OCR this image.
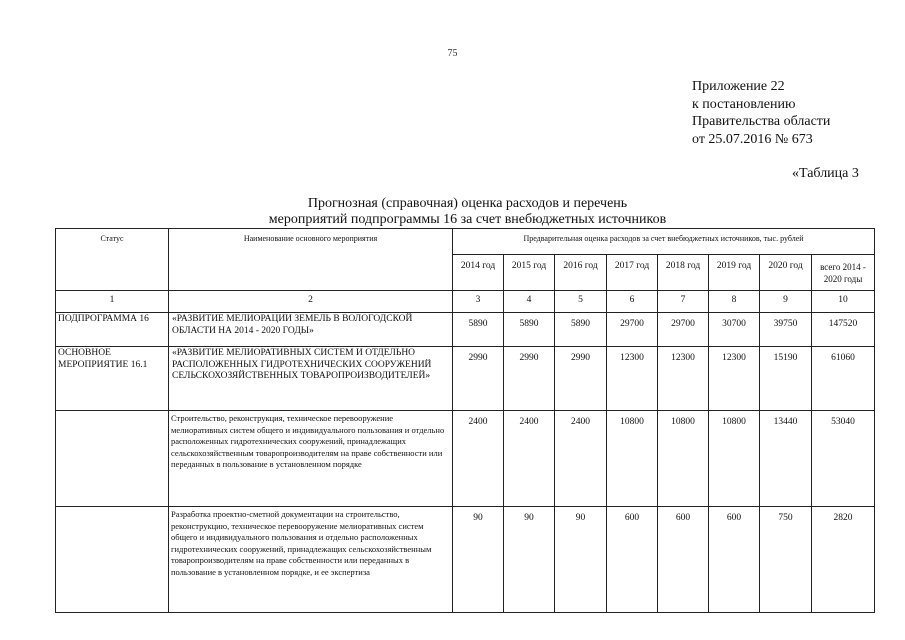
75
Приложение 22
к постановлению
Правительства области
от 25.07.2016 № 673
«Таблица 3
Прогнозная (справочная) оценка расходов и перечень
мероприятий подпрограммы 16 за счет внебюджетных источников
Статус	Наименование основного мероприятия	Предварительная оценка расходов за счет внебюджетных источников, тыс. рублей							
		2014 год	2015 год	2016 год	2017 год	2018 год	2019 год	2020 год	всего 2014 - 2020 годы
1	2	3	4	5	6	7	8	9	10
ПОДПРОГРАММА 16	«РАЗВИТИЕ МЕЛИОРАЦИИ ЗЕМЕЛЬ В ВОЛОГОДСКОЙ ОБЛАСТИ НА 2014 - 2020 ГОДЫ»	5890	5890	5890	29700	29700	30700	39750	147520
ОСНОВНОЕ МЕРОПРИЯТИЕ 16.1	«РАЗВИТИЕ МЕЛИОРАТИВНЫХ СИСТЕМ И ОТДЕЛЬНО РАСПОЛОЖЕННЫХ ГИДРОТЕХНИЧЕСКИХ СООРУЖЕНИЙ СЕЛЬСКОХОЗЯЙСТВЕННЫХ ТОВАРОПРОИЗВОДИТЕЛЕЙ»	2990	2990	2990	12300	12300	12300	15190	61060
	Строительство, реконструкция, техническое перевооружение мелиоративных систем общего и индивидуального пользования и отдельно расположенных гидротехнических сооружений, принадлежащих сельскохозяйственным товаропроизводителям на праве собственности или переданных в пользование в установленном порядке	2400	2400	2400	10800	10800	10800	13440	53040
	Разработка проектно-сметной документации на строительство, реконструкцию, техническое перевооружение мелиоративных систем общего и индивидуального пользования и отдельно расположенных гидротехнических сооружений, принадлежащих сельскохозяйственным товаропроизводителям на праве собственности или переданных в пользование в установленном порядке, и ее экспертиза	90	90	90	600	600	600	750	2820
